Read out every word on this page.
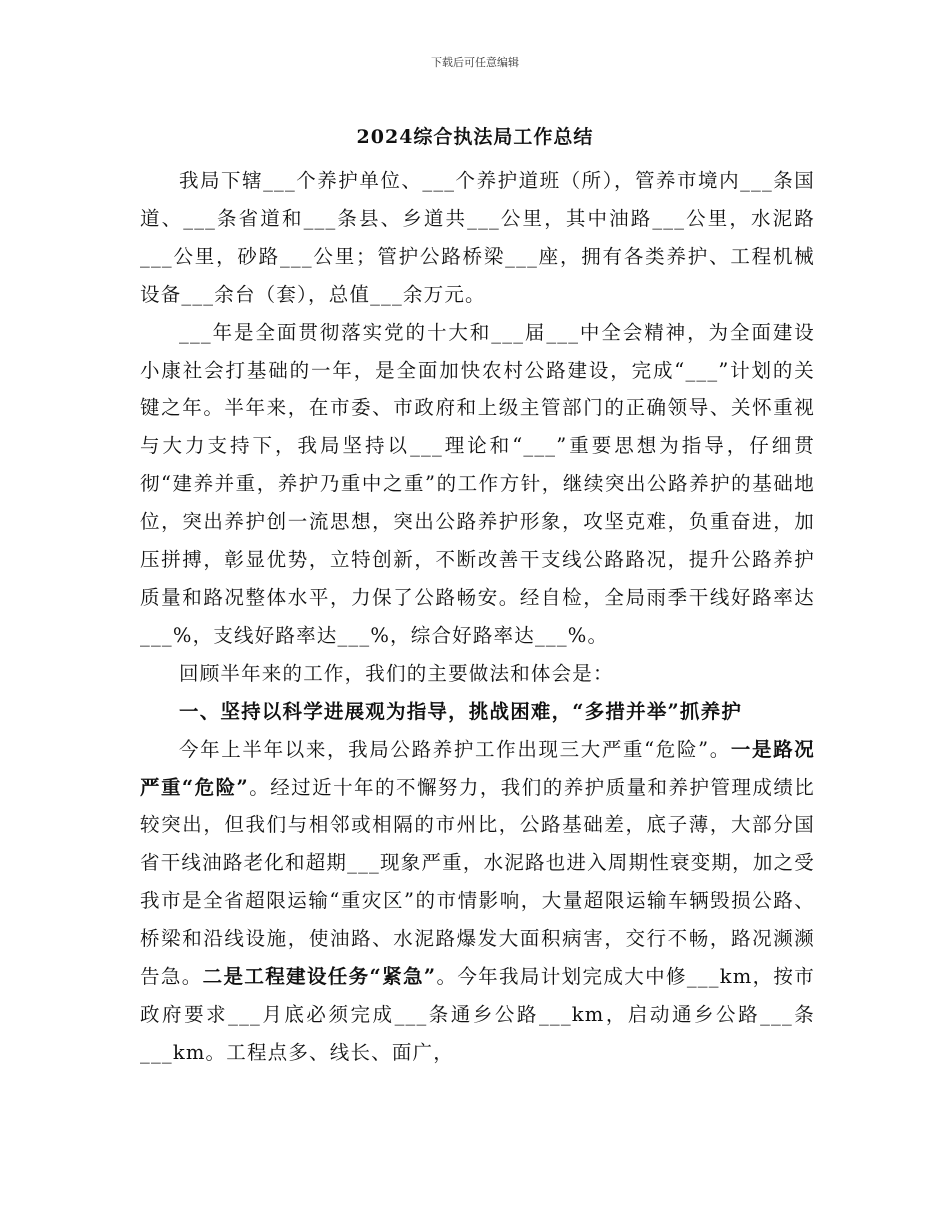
下载后可任意编辑
2024综合执法局工作总结

我局下辖___个养护单位、___个养护道班（所），管养市境内___条国道、___条省道和___条县、乡道共___公里，其中油路___公里，水泥路___公里，砂路___公里；管护公路桥梁___座，拥有各类养护、工程机械设备___余台（套），总值___余万元。

___年是全面贯彻落实党的十大和___届___中全会精神，为全面建设小康社会打基础的一年，是全面加快农村公路建设，完成“___”计划的关键之年。半年来，在市委、市政府和上级主管部门的正确领导、关怀重视与大力支持下，我局坚持以___理论和“___”重要思想为指导，仔细贯彻“建养并重，养护乃重中之重”的工作方针，继续突出公路养护的基础地位，突出养护创一流思想，突出公路养护形象，攻坚克难，负重奋进，加压拼搏，彰显优势，立特创新，不断改善干支线公路路况，提升公路养护质量和路况整体水平，力保了公路畅安。经自检，全局雨季干线好路率达___%，支线好路率达___%，综合好路率达___%。

回顾半年来的工作，我们的主要做法和体会是：

一、坚持以科学进展观为指导，挑战困难，“多措并举”抓养护

今年上半年以来，我局公路养护工作出现三大严重“危险”。一是路况严重“危险”。经过近十年的不懈努力，我们的养护质量和养护管理成绩比较突出，但我们与相邻或相隔的市州比，公路基础差，底子薄，大部分国省干线油路老化和超期___现象严重，水泥路也进入周期性衰变期，加之受我市是全省超限运输“重灾区”的市情影响，大量超限运输车辆毁损公路、桥梁和沿线设施，使油路、水泥路爆发大面积病害，交行不畅，路况濒濒告急。二是工程建设任务“紧急”。今年我局计划完成大中修___km，按市政府要求___月底必须完成___条通乡公路___km，启动通乡公路___条___km。工程点多、线长、面广，
